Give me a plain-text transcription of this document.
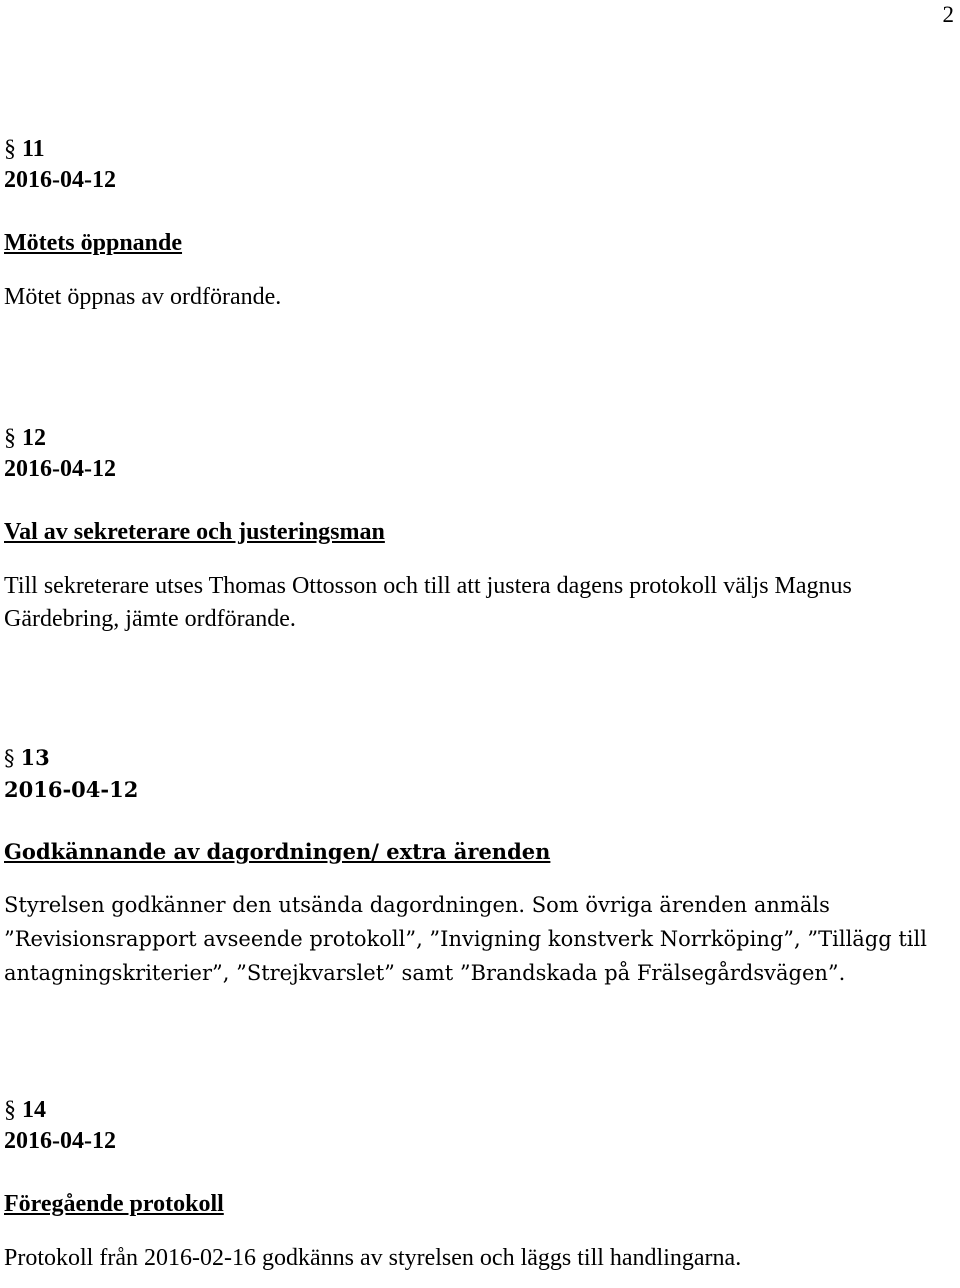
2
§ 11
2016-04-12
Mötets öppnande
Mötet öppnas av ordförande.
§ 12
2016-04-12
Val av sekreterare och justeringsman
Till sekreterare utses Thomas Ottosson och till att justera dagens protokoll väljs Magnus Gärdebring, jämte ordförande.
§ 13
2016-04-12
Godkännande av dagordningen/ extra ärenden
Styrelsen godkänner den utsända dagordningen. Som övriga ärenden anmäls ”Revisionsrapport avseende protokoll”, ”Invigning konstverk Norrköping”, ”Tillägg till antagningskriterier”, ”Strejkvarslet” samt ”Brandskada på Frälsegårdsvägen”.
§ 14
2016-04-12
Föregående protokoll
Protokoll från 2016-02-16 godkänns av styrelsen och läggs till handlingarna.
